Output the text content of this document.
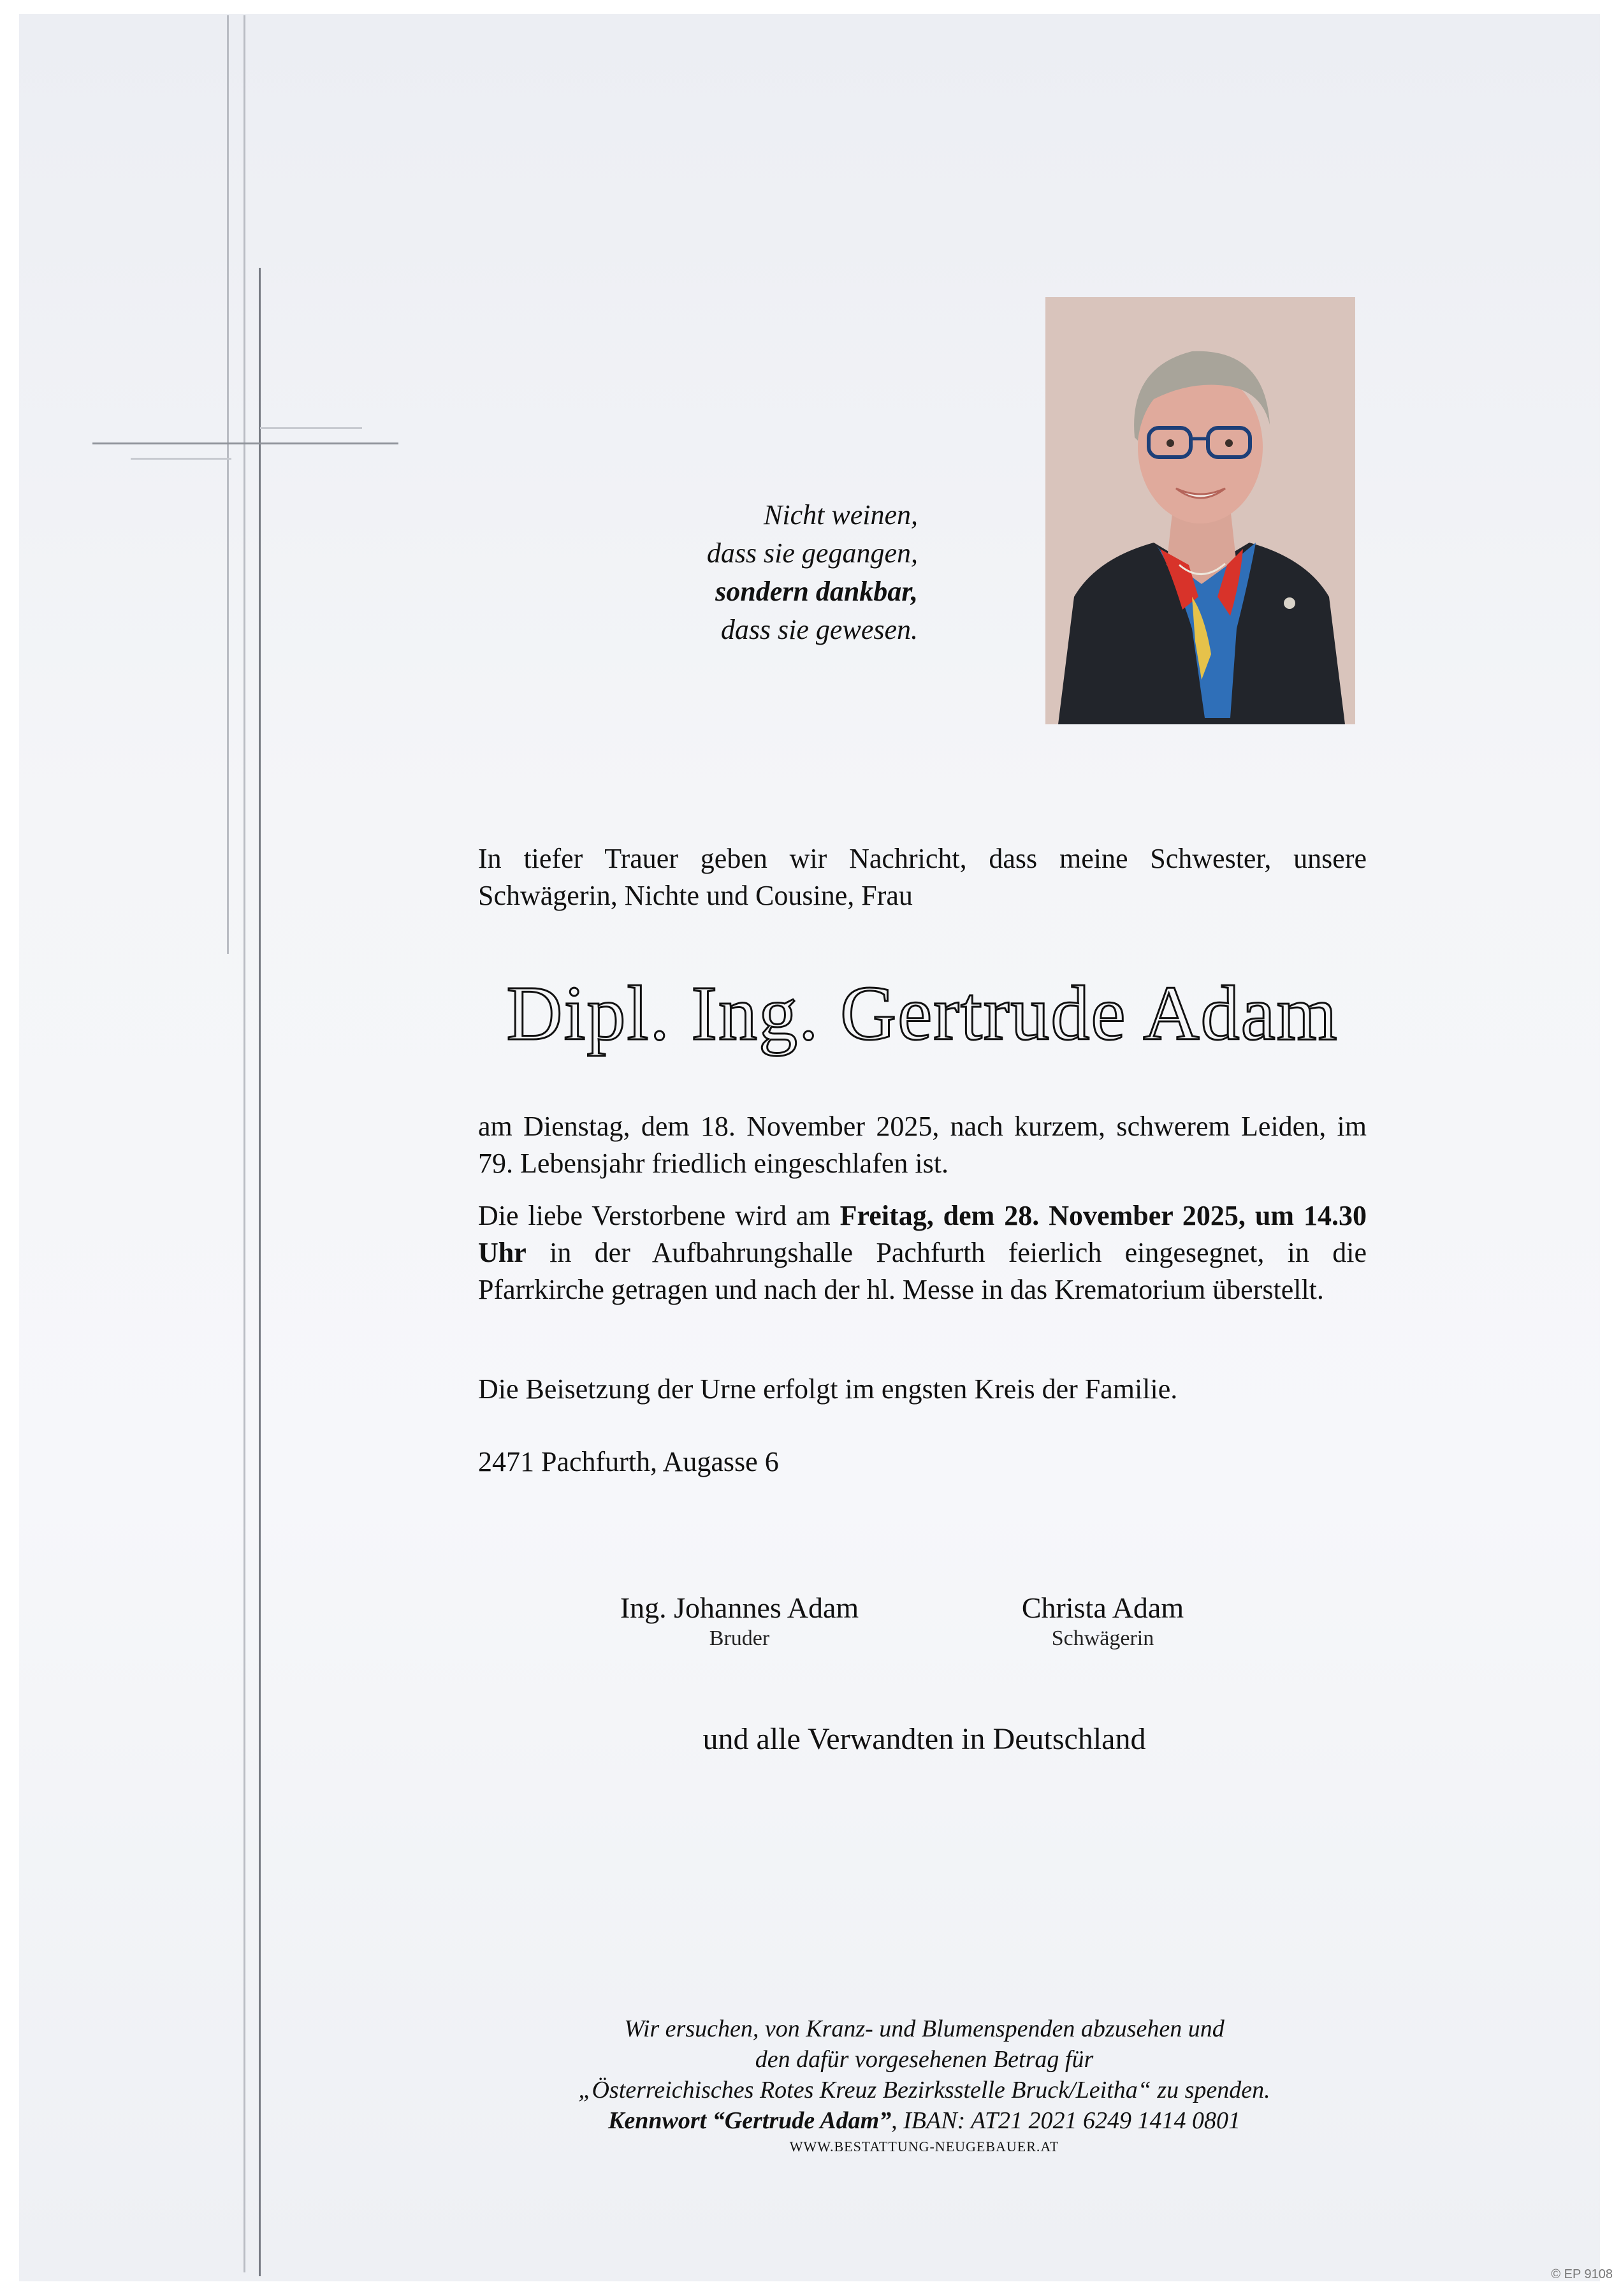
Nicht weinen,
dass sie gegangen,
sondern dankbar,
dass sie gewesen.
In tiefer Trauer geben wir Nachricht, dass meine Schwester, unsere Schwägerin, Nichte und Cousine, Frau
Dipl. Ing. Gertrude Adam
am Dienstag, dem 18. November 2025, nach kurzem, schwerem Leiden, im 79. Lebensjahr friedlich eingeschlafen ist.
Die liebe Verstorbene wird am Freitag, dem 28. November 2025, um 14.30 Uhr in der Aufbahrungshalle Pachfurth feierlich eingesegnet, in die Pfarrkirche getragen und nach der hl. Messe in das Krematorium überstellt.
Die Beisetzung der Urne erfolgt im engsten Kreis der Familie.
2471 Pachfurth, Augasse 6
Ing. Johannes Adam
Bruder
Christa Adam
Schwägerin
und alle Verwandten in Deutschland
Wir ersuchen, von Kranz- und Blumenspenden abzusehen und
den dafür vorgesehenen Betrag für
„Österreichisches Rotes Kreuz Bezirksstelle Bruck/Leitha“ zu spenden.
Kennwort “Gertrude Adam”, IBAN: AT21 2021 6249 1414 0801
WWW.BESTATTUNG-NEUGEBAUER.AT
© EP 9108
